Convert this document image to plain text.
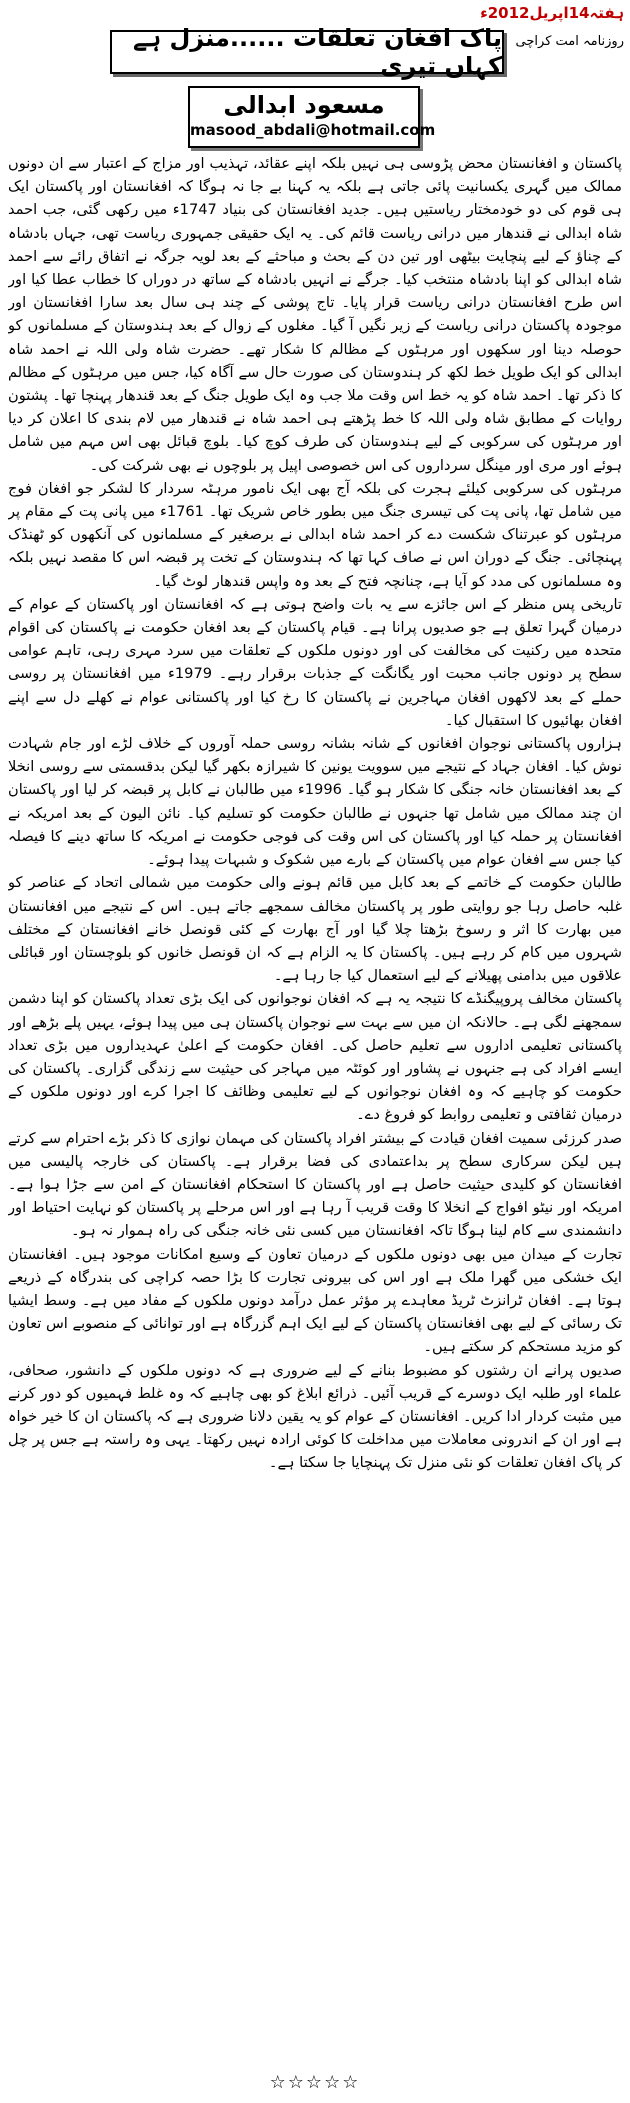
ہفتہ14اپریل2012ء
روزنامہ امت کراچی
پاک افغان تعلقات ......منزل ہے کہاں تیری
مسعود ابدالی
masood_abdali@hotmail.com

پاکستان و افغانستان محض پڑوسی ہی نہیں بلکہ اپنے عقائد، تہذیب اور مزاج کے اعتبار سے ان دونوں ممالک میں گہری یکسانیت پائی جاتی ہے بلکہ یہ کہنا بے جا نہ ہوگا کہ افغانستان اور پاکستان ایک ہی قوم کی دو خودمختار ریاستیں ہیں۔ جدید افغانستان کی بنیاد 1747ء میں رکھی گئی، جب احمد شاہ ابدالی نے قندھار میں درانی ریاست قائم کی۔ یہ ایک حقیقی جمہوری ریاست تھی، جہاں بادشاہ کے چناؤ کے لیے پنچایت بیٹھی اور تین دن کے بحث و مباحثے کے بعد لویہ جرگہ نے اتفاق رائے سے احمد شاہ ابدالی کو اپنا بادشاہ منتخب کیا۔ جرگے نے انہیں بادشاہ کے ساتھ در دوراں کا خطاب عطا کیا اور اس طرح افغانستان درانی ریاست قرار پایا۔ تاج پوشی کے چند ہی سال بعد سارا افغانستان اور موجودہ پاکستان درانی ریاست کے زیر نگیں آ گیا۔ مغلوں کے زوال کے بعد ہندوستان کے مسلمانوں کو حوصلہ دینا اور سکھوں اور مرہٹوں کے مظالم کا شکار تھے۔ حضرت شاہ ولی اللہ نے احمد شاہ ابدالی کو ایک طویل خط لکھ کر ہندوستان کی صورت حال سے آگاہ کیا، جس میں مرہٹوں کے مظالم کا ذکر تھا۔ احمد شاہ کو یہ خط اس وقت ملا جب وہ ایک طویل جنگ کے بعد قندھار پہنچا تھا۔ پشتون روایات کے مطابق شاہ ولی اللہ کا خط پڑھتے ہی احمد شاہ نے قندھار میں لام بندی کا اعلان کر دیا اور مرہٹوں کی سرکوبی کے لیے ہندوستان کی طرف کوچ کیا۔ بلوچ قبائل بھی اس مہم میں شامل ہوئے اور مری اور مینگل سرداروں کی اس خصوصی اپیل پر بلوچوں نے بھی شرکت کی۔

مرہٹوں کی سرکوبی کیلئے ہجرت کی بلکہ آج بھی ایک نامور مرہٹہ سردار کا لشکر جو افغان فوج میں شامل تھا، پانی پت کی تیسری جنگ میں بطور خاص شریک تھا۔ 1761ء میں پانی پت کے مقام پر مرہٹوں کو عبرتناک شکست دے کر احمد شاہ ابدالی نے برصغیر کے مسلمانوں کی آنکھوں کو ٹھنڈک پہنچائی۔ جنگ کے دوران اس نے صاف کہا تھا کہ ہندوستان کے تخت پر قبضہ اس کا مقصد نہیں بلکہ وہ مسلمانوں کی مدد کو آیا ہے، چنانچہ فتح کے بعد وہ واپس قندھار لوٹ گیا۔

تاریخی پس منظر کے اس جائزے سے یہ بات واضح ہوتی ہے کہ افغانستان اور پاکستان کے عوام کے درمیان گہرا تعلق ہے جو صدیوں پرانا ہے۔ قیام پاکستان کے بعد افغان حکومت نے پاکستان کی اقوام متحدہ میں رکنیت کی مخالفت کی اور دونوں ملکوں کے تعلقات میں سرد مہری رہی، تاہم عوامی سطح پر دونوں جانب محبت اور یگانگت کے جذبات برقرار رہے۔ 1979ء میں افغانستان پر روسی حملے کے بعد لاکھوں افغان مہاجرین نے پاکستان کا رخ کیا اور پاکستانی عوام نے کھلے دل سے اپنے افغان بھائیوں کا استقبال کیا۔

ہزاروں پاکستانی نوجوان افغانوں کے شانہ بشانہ روسی حملہ آوروں کے خلاف لڑے اور جام شہادت نوش کیا۔ افغان جہاد کے نتیجے میں سوویت یونین کا شیرازہ بکھر گیا لیکن بدقسمتی سے روسی انخلا کے بعد افغانستان خانہ جنگی کا شکار ہو گیا۔ 1996ء میں طالبان نے کابل پر قبضہ کر لیا اور پاکستان ان چند ممالک میں شامل تھا جنہوں نے طالبان حکومت کو تسلیم کیا۔ نائن الیون کے بعد امریکہ نے افغانستان پر حملہ کیا اور پاکستان کی اس وقت کی فوجی حکومت نے امریکہ کا ساتھ دینے کا فیصلہ کیا جس سے افغان عوام میں پاکستان کے بارے میں شکوک و شبہات پیدا ہوئے۔

طالبان حکومت کے خاتمے کے بعد کابل میں قائم ہونے والی حکومت میں شمالی اتحاد کے عناصر کو غلبہ حاصل رہا جو روایتی طور پر پاکستان مخالف سمجھے جاتے ہیں۔ اس کے نتیجے میں افغانستان میں بھارت کا اثر و رسوخ بڑھتا چلا گیا اور آج بھارت کے کئی قونصل خانے افغانستان کے مختلف شہروں میں کام کر رہے ہیں۔ پاکستان کا یہ الزام ہے کہ ان قونصل خانوں کو بلوچستان اور قبائلی علاقوں میں بدامنی پھیلانے کے لیے استعمال کیا جا رہا ہے۔

پاکستان مخالف پروپیگنڈے کا نتیجہ یہ ہے کہ افغان نوجوانوں کی ایک بڑی تعداد پاکستان کو اپنا دشمن سمجھنے لگی ہے۔ حالانکہ ان میں سے بہت سے نوجوان پاکستان ہی میں پیدا ہوئے، یہیں پلے بڑھے اور پاکستانی تعلیمی اداروں سے تعلیم حاصل کی۔ افغان حکومت کے اعلیٰ عہدیداروں میں بڑی تعداد ایسے افراد کی ہے جنہوں نے پشاور اور کوئٹہ میں مہاجر کی حیثیت سے زندگی گزاری۔ پاکستان کی حکومت کو چاہیے کہ وہ افغان نوجوانوں کے لیے تعلیمی وظائف کا اجرا کرے اور دونوں ملکوں کے درمیان ثقافتی و تعلیمی روابط کو فروغ دے۔

صدر کرزئی سمیت افغان قیادت کے بیشتر افراد پاکستان کی مہمان نوازی کا ذکر بڑے احترام سے کرتے ہیں لیکن سرکاری سطح پر بداعتمادی کی فضا برقرار ہے۔ پاکستان کی خارجہ پالیسی میں افغانستان کو کلیدی حیثیت حاصل ہے اور پاکستان کا استحکام افغانستان کے امن سے جڑا ہوا ہے۔ امریکہ اور نیٹو افواج کے انخلا کا وقت قریب آ رہا ہے اور اس مرحلے پر پاکستان کو نہایت احتیاط اور دانشمندی سے کام لینا ہوگا تاکہ افغانستان میں کسی نئی خانہ جنگی کی راہ ہموار نہ ہو۔

تجارت کے میدان میں بھی دونوں ملکوں کے درمیان تعاون کے وسیع امکانات موجود ہیں۔ افغانستان ایک خشکی میں گھرا ملک ہے اور اس کی بیرونی تجارت کا بڑا حصہ کراچی کی بندرگاہ کے ذریعے ہوتا ہے۔ افغان ٹرانزٹ ٹریڈ معاہدے پر مؤثر عمل درآمد دونوں ملکوں کے مفاد میں ہے۔ وسط ایشیا تک رسائی کے لیے بھی افغانستان پاکستان کے لیے ایک اہم گزرگاہ ہے اور توانائی کے منصوبے اس تعاون کو مزید مستحکم کر سکتے ہیں۔

صدیوں پرانے ان رشتوں کو مضبوط بنانے کے لیے ضروری ہے کہ دونوں ملکوں کے دانشور، صحافی، علماء اور طلبہ ایک دوسرے کے قریب آئیں۔ ذرائع ابلاغ کو بھی چاہیے کہ وہ غلط فہمیوں کو دور کرنے میں مثبت کردار ادا کریں۔ افغانستان کے عوام کو یہ یقین دلانا ضروری ہے کہ پاکستان ان کا خیر خواہ ہے اور ان کے اندرونی معاملات میں مداخلت کا کوئی ارادہ نہیں رکھتا۔ یہی وہ راستہ ہے جس پر چل کر پاک افغان تعلقات کو نئی منزل تک پہنچایا جا سکتا ہے۔

☆☆☆☆☆
